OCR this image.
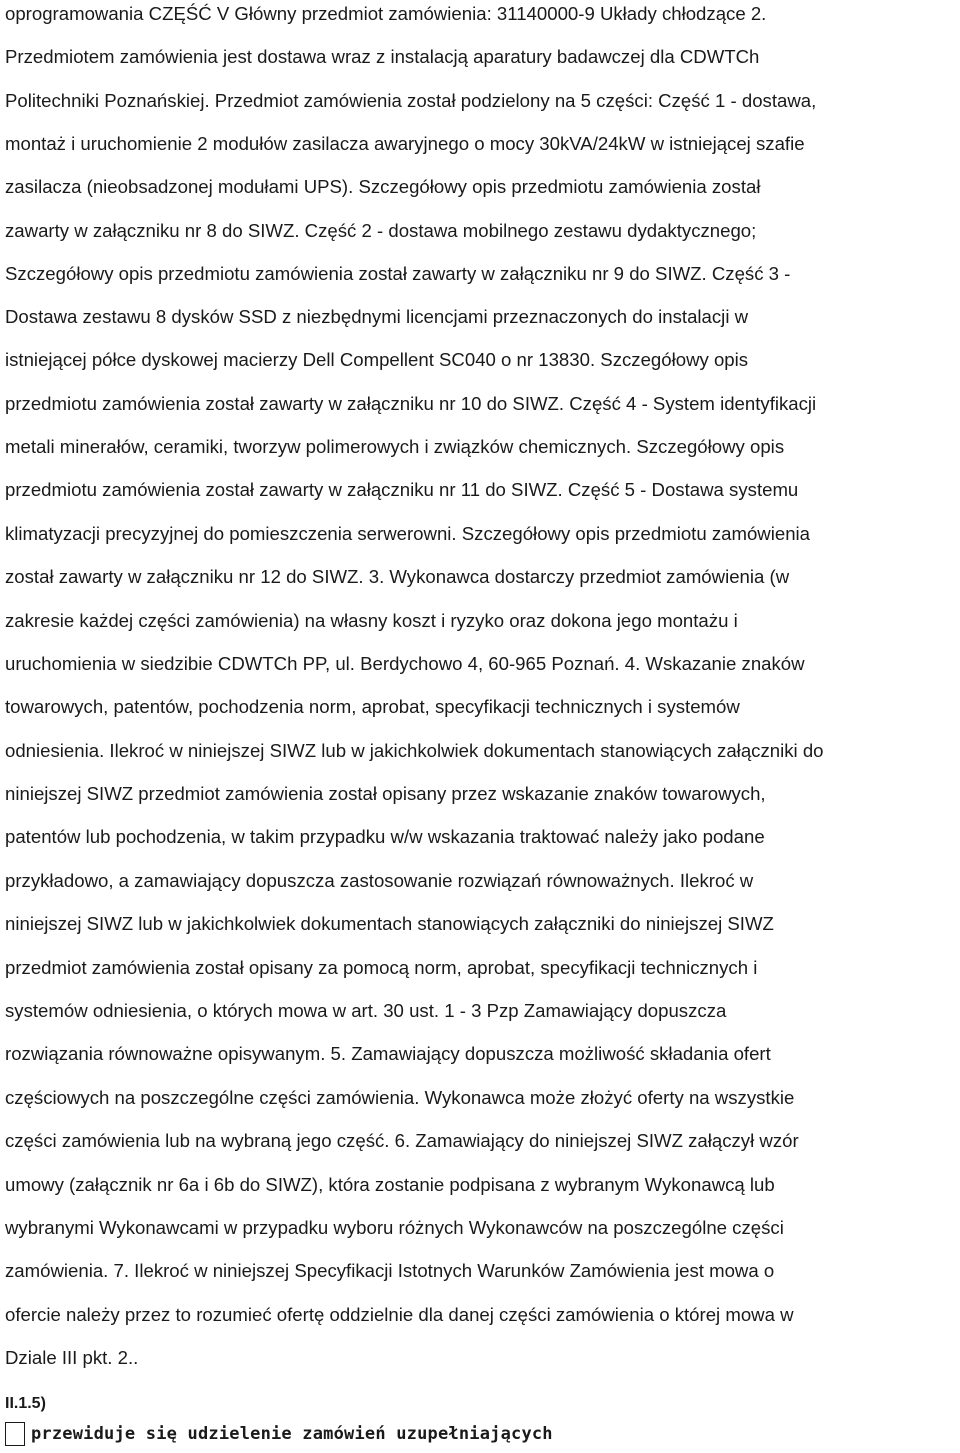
oprogramowania CZĘŚĆ V Główny przedmiot zamówienia: 31140000-9 Układy chłodzące 2.
Przedmiotem zamówienia jest dostawa wraz z instalacją aparatury badawczej dla CDWTCh
Politechniki Poznańskiej. Przedmiot zamówienia został podzielony na 5 części: Część 1 - dostawa,
montaż i uruchomienie 2 modułów zasilacza awaryjnego o mocy 30kVA/24kW w istniejącej szafie
zasilacza (nieobsadzonej modułami UPS). Szczegółowy opis przedmiotu zamówienia został
zawarty w załączniku nr 8 do SIWZ. Część 2 - dostawa mobilnego zestawu dydaktycznego;
Szczegółowy opis przedmiotu zamówienia został zawarty w załączniku nr 9 do SIWZ. Część 3 -
Dostawa zestawu 8 dysków SSD z niezbędnymi licencjami przeznaczonych do instalacji w
istniejącej półce dyskowej macierzy Dell Compellent SC040 o nr 13830. Szczegółowy opis
przedmiotu zamówienia został zawarty w załączniku nr 10 do SIWZ. Część 4 - System identyfikacji
metali minerałów, ceramiki, tworzyw polimerowych i związków chemicznych. Szczegółowy opis
przedmiotu zamówienia został zawarty w załączniku nr 11 do SIWZ. Część 5 - Dostawa systemu
klimatyzacji precyzyjnej do pomieszczenia serwerowni. Szczegółowy opis przedmiotu zamówienia
został zawarty w załączniku nr 12 do SIWZ. 3. Wykonawca dostarczy przedmiot zamówienia (w
zakresie każdej części zamówienia) na własny koszt i ryzyko oraz dokona jego montażu i
uruchomienia w siedzibie CDWTCh PP, ul. Berdychowo 4, 60-965 Poznań. 4. Wskazanie znaków
towarowych, patentów, pochodzenia norm, aprobat, specyfikacji technicznych i systemów
odniesienia. Ilekroć w niniejszej SIWZ lub w jakichkolwiek dokumentach stanowiących załączniki do
niniejszej SIWZ przedmiot zamówienia został opisany przez wskazanie znaków towarowych,
patentów lub pochodzenia, w takim przypadku w/w wskazania traktować należy jako podane
przykładowo, a zamawiający dopuszcza zastosowanie rozwiązań równoważnych. Ilekroć w
niniejszej SIWZ lub w jakichkolwiek dokumentach stanowiących załączniki do niniejszej SIWZ
przedmiot zamówienia został opisany za pomocą norm, aprobat, specyfikacji technicznych i
systemów odniesienia, o których mowa w art. 30 ust. 1 - 3 Pzp Zamawiający dopuszcza
rozwiązania równoważne opisywanym. 5. Zamawiający dopuszcza możliwość składania ofert
częściowych na poszczególne części zamówienia. Wykonawca może złożyć oferty na wszystkie
części zamówienia lub na wybraną jego część. 6. Zamawiający do niniejszej SIWZ załączył wzór
umowy (załącznik nr 6a i 6b do SIWZ), która zostanie podpisana z wybranym Wykonawcą lub
wybranymi Wykonawcami w przypadku wyboru różnych Wykonawców na poszczególne części
zamówienia. 7. Ilekroć w niniejszej Specyfikacji Istotnych Warunków Zamówienia jest mowa o
ofercie należy przez to rozumieć ofertę oddzielnie dla danej części zamówienia o której mowa w
Dziale III pkt. 2..
II.1.5)
przewiduje się udzielenie zamówień uzupełniających
